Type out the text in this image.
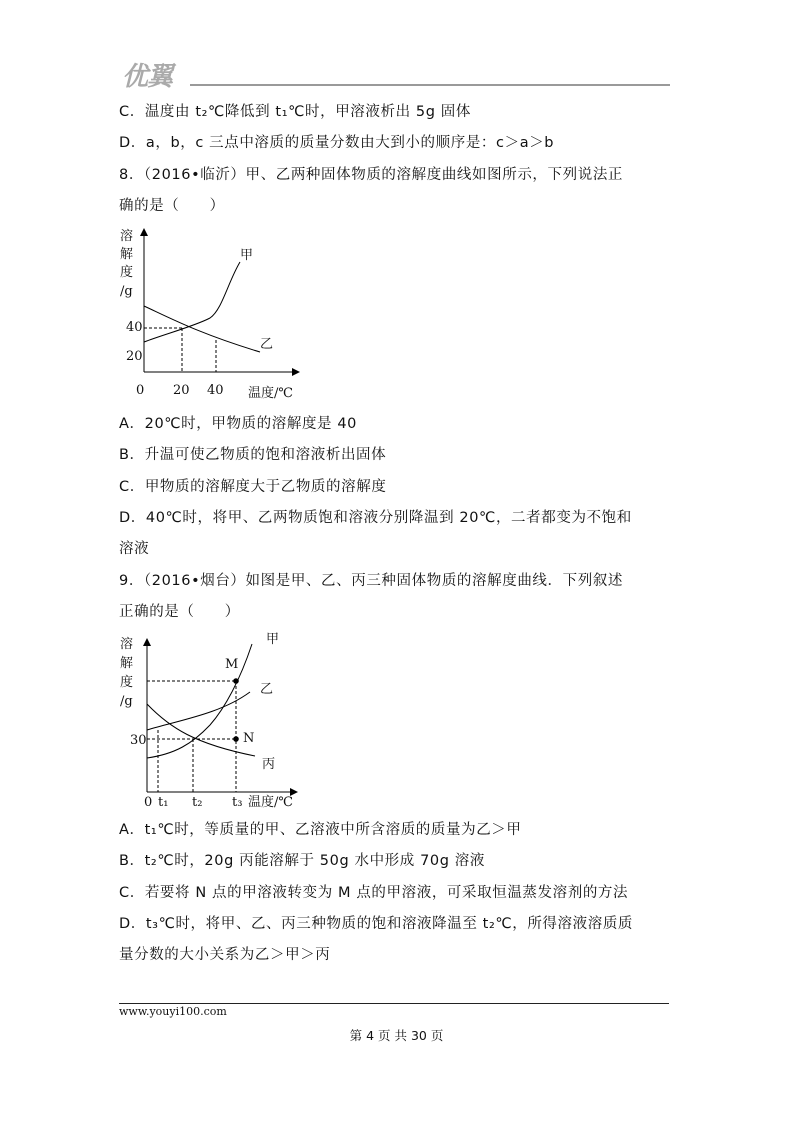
优翼
C．温度由 t₂℃降低到 t₁℃时，甲溶液析出 5g 固体
D．a，b，c 三点中溶质的质量分数由大到小的顺序是：c＞a＞b
8．（2016•临沂）甲、乙两种固体物质的溶解度曲线如图所示，下列说法正
确的是（　　）
溶
解
度
/g
40
20
0 20 40 温度/℃
甲
乙
A．20℃时，甲物质的溶解度是 40
B．升温可使乙物质的饱和溶液析出固体
C．甲物质的溶解度大于乙物质的溶解度
D．40℃时，将甲、乙两物质饱和溶液分别降温到 20℃，二者都变为不饱和
溶液
9．（2016•烟台）如图是甲、乙、丙三种固体物质的溶解度曲线．下列叙述
正确的是（　　）
溶
解
度
/g
30
0 t₁ t₂ t₃ 温度/℃
M
N
甲
乙
丙
A．t₁℃时，等质量的甲、乙溶液中所含溶质的质量为乙＞甲
B．t₂℃时，20g 丙能溶解于 50g 水中形成 70g 溶液
C．若要将 N 点的甲溶液转变为 M 点的甲溶液，可采取恒温蒸发溶剂的方法
D．t₃℃时，将甲、乙、丙三种物质的饱和溶液降温至 t₂℃，所得溶液溶质质
量分数的大小关系为乙＞甲＞丙
www.youyi100.com
第 4 页 共 30 页
